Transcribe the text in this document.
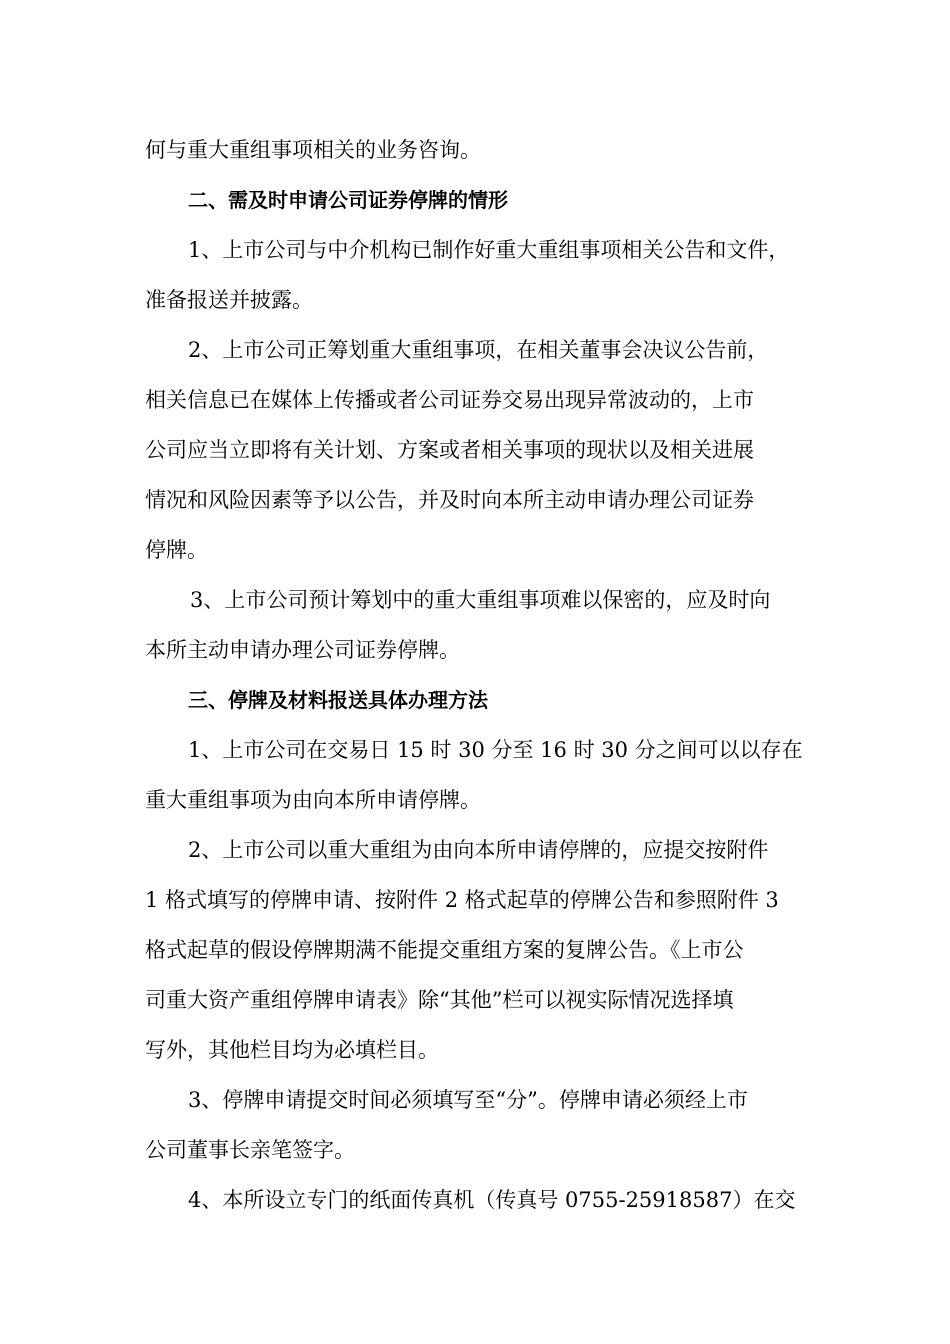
何与重大重组事项相关的业务咨询。
二、需及时申请公司证券停牌的情形
1、上市公司与中介机构已制作好重大重组事项相关公告和文件，
准备报送并披露。
2、上市公司正筹划重大重组事项，在相关董事会决议公告前，
相关信息已在媒体上传播或者公司证券交易出现异常波动的，上市
公司应当立即将有关计划、方案或者相关事项的现状以及相关进展
情况和风险因素等予以公告，并及时向本所主动申请办理公司证券
停牌。
3、上市公司预计筹划中的重大重组事项难以保密的，应及时向
本所主动申请办理公司证券停牌。
三、停牌及材料报送具体办理方法
1、上市公司在交易日 15 时 30 分至 16 时 30 分之间可以以存在
重大重组事项为由向本所申请停牌。
2、上市公司以重大重组为由向本所申请停牌的，应提交按附件
1 格式填写的停牌申请、按附件 2 格式起草的停牌公告和参照附件 3
格式起草的假设停牌期满不能提交重组方案的复牌公告。《上市公
司重大资产重组停牌申请表》除“其他”栏可以视实际情况选择填
写外，其他栏目均为必填栏目。
3、停牌申请提交时间必须填写至“分”。停牌申请必须经上市
公司董事长亲笔签字。
4、本所设立专门的纸面传真机（传真号 0755-25918587）在交
